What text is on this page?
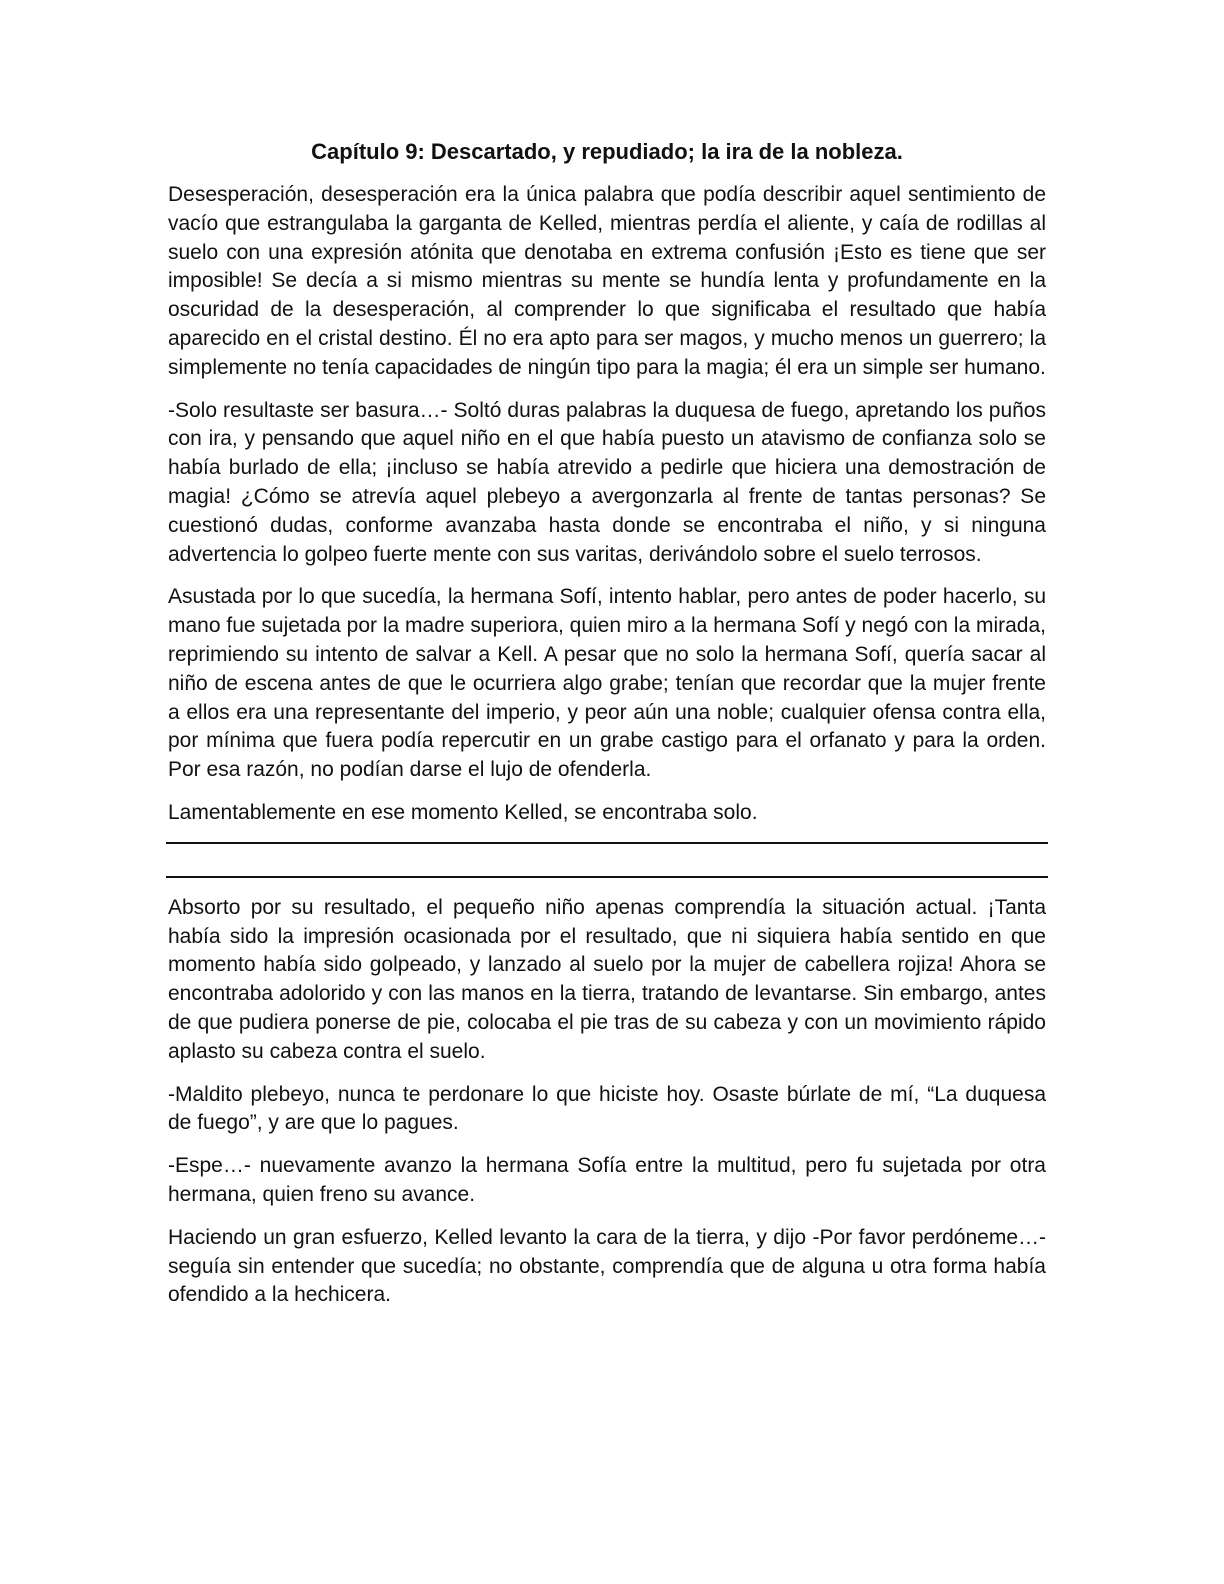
Capítulo 9: Descartado, y repudiado; la ira de la nobleza.

Desesperación, desesperación era la única palabra que podía describir aquel sentimiento de vacío que estrangulaba la garganta de Kelled, mientras perdía el aliente, y caía de rodillas al suelo con una expresión atónita que denotaba en extrema confusión ¡Esto es tiene que ser imposible! Se decía a si mismo mientras su mente se hundía lenta y profundamente en la oscuridad de la desesperación, al comprender lo que significaba el resultado que había aparecido en el cristal destino. Él no era apto para ser magos, y mucho menos un guerrero; la simplemente no tenía capacidades de ningún tipo para la magia; él era un simple ser humano.

-Solo resultaste ser basura…- Soltó duras palabras la duquesa de fuego, apretando los puños con ira, y pensando que aquel niño en el que había puesto un atavismo de confianza solo se había burlado de ella; ¡incluso se había atrevido a pedirle que hiciera una demostración de magia! ¿Cómo se atrevía aquel plebeyo a avergonzarla al frente de tantas personas? Se cuestionó dudas, conforme avanzaba hasta donde se encontraba el niño, y si ninguna advertencia lo golpeo fuerte mente con sus varitas, derivándolo sobre el suelo terrosos.

Asustada por lo que sucedía, la hermana Sofí, intento hablar, pero antes de poder hacerlo, su mano fue sujetada por la madre superiora, quien miro a la hermana Sofí y negó con la mirada, reprimiendo su intento de salvar a Kell. A pesar que no solo la hermana Sofí, quería sacar al niño de escena antes de que le ocurriera algo grabe; tenían que recordar que la mujer frente a ellos era una representante del imperio, y peor aún una noble; cualquier ofensa contra ella, por mínima que fuera podía repercutir en un grabe castigo para el orfanato y para la orden. Por esa razón, no podían darse el lujo de ofenderla.

Lamentablemente en ese momento Kelled, se encontraba solo.

Absorto por su resultado, el pequeño niño apenas comprendía la situación actual. ¡Tanta había sido la impresión ocasionada por el resultado, que ni siquiera había sentido en que momento había sido golpeado, y lanzado al suelo por la mujer de cabellera rojiza! Ahora se encontraba adolorido y con las manos en la tierra, tratando de levantarse. Sin embargo, antes de que pudiera ponerse de pie, colocaba el pie tras de su cabeza y con un movimiento rápido aplasto su cabeza contra el suelo.

-Maldito plebeyo, nunca te perdonare lo que hiciste hoy. Osaste búrlate de mí, “La duquesa de fuego”, y are que lo pagues.

-Espe…- nuevamente avanzo la hermana Sofía entre la multitud, pero fu sujetada por otra hermana, quien freno su avance.

Haciendo un gran esfuerzo, Kelled levanto la cara de la tierra, y dijo -Por favor perdóneme…- seguía sin entender que sucedía; no obstante, comprendía que de alguna u otra forma había ofendido a la hechicera.
